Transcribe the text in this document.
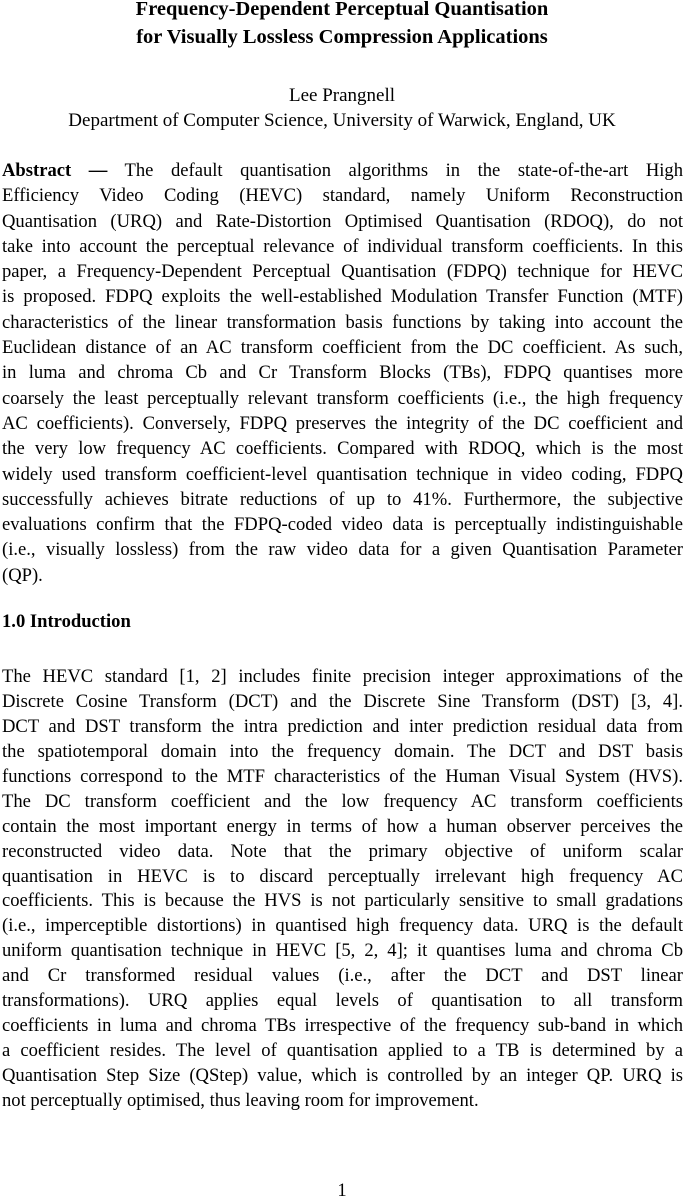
Frequency-Dependent Perceptual Quantisation
for Visually Lossless Compression Applications
Lee Prangnell
Department of Computer Science, University of Warwick, England, UK
Abstract — The default quantisation algorithms in the state-of-the-art High
Efficiency Video Coding (HEVC) standard, namely Uniform Reconstruction
Quantisation (URQ) and Rate-Distortion Optimised Quantisation (RDOQ), do not
take into account the perceptual relevance of individual transform coefficients. In this
paper, a Frequency-Dependent Perceptual Quantisation (FDPQ) technique for HEVC
is proposed. FDPQ exploits the well-established Modulation Transfer Function (MTF)
characteristics of the linear transformation basis functions by taking into account the
Euclidean distance of an AC transform coefficient from the DC coefficient. As such,
in luma and chroma Cb and Cr Transform Blocks (TBs), FDPQ quantises more
coarsely the least perceptually relevant transform coefficients (i.e., the high frequency
AC coefficients). Conversely, FDPQ preserves the integrity of the DC coefficient and
the very low frequency AC coefficients. Compared with RDOQ, which is the most
widely used transform coefficient-level quantisation technique in video coding, FDPQ
successfully achieves bitrate reductions of up to 41%. Furthermore, the subjective
evaluations confirm that the FDPQ-coded video data is perceptually indistinguishable
(i.e., visually lossless) from the raw video data for a given Quantisation Parameter
(QP).
1.0 Introduction
The HEVC standard [1, 2] includes finite precision integer approximations of the
Discrete Cosine Transform (DCT) and the Discrete Sine Transform (DST) [3, 4].
DCT and DST transform the intra prediction and inter prediction residual data from
the spatiotemporal domain into the frequency domain. The DCT and DST basis
functions correspond to the MTF characteristics of the Human Visual System (HVS).
The DC transform coefficient and the low frequency AC transform coefficients
contain the most important energy in terms of how a human observer perceives the
reconstructed video data. Note that the primary objective of uniform scalar
quantisation in HEVC is to discard perceptually irrelevant high frequency AC
coefficients. This is because the HVS is not particularly sensitive to small gradations
(i.e., imperceptible distortions) in quantised high frequency data. URQ is the default
uniform quantisation technique in HEVC [5, 2, 4]; it quantises luma and chroma Cb
and Cr transformed residual values (i.e., after the DCT and DST linear
transformations). URQ applies equal levels of quantisation to all transform
coefficients in luma and chroma TBs irrespective of the frequency sub-band in which
a coefficient resides. The level of quantisation applied to a TB is determined by a
Quantisation Step Size (QStep) value, which is controlled by an integer QP. URQ is
not perceptually optimised, thus leaving room for improvement.
1
